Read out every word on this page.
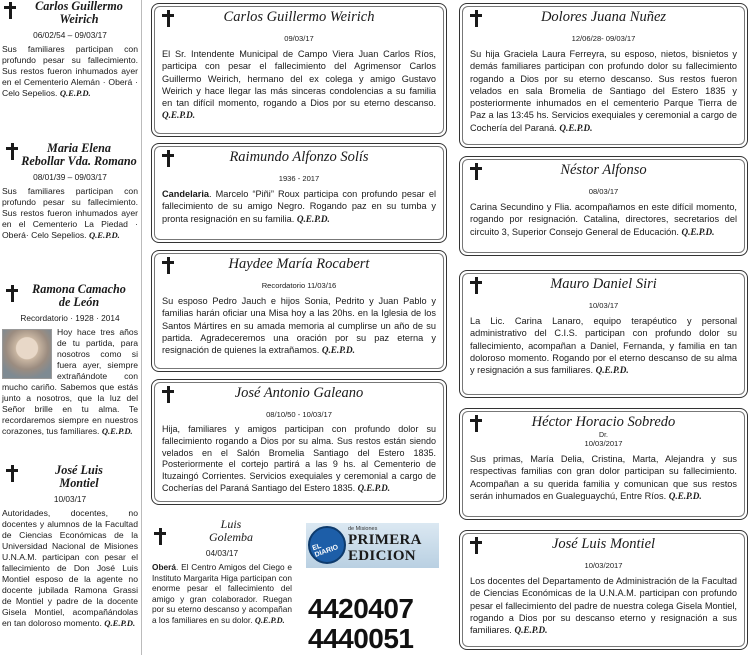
Carlos Guillermo
Weirich
06/02/54 – 09/03/17
Sus familiares participan con profundo pesar su fallecimiento. Sus restos fueron inhumados ayer en el Cementerio Alemán · Oberá · Celo Sepelios. Q.E.P.D.
Maria Elena
Rebollar Vda. Romano
08/01/39 – 09/03/17
Sus familiares participan con profundo pesar su fallecimiento. Sus restos fueron inhumados ayer en el Cementerio La Piedad · Oberá· Celo Sepelios. Q.E.P.D.
Ramona Camacho
de León
Recordatorio · 1928 · 2014
Hoy hace tres años de tu partida, para nosotros como si fuera ayer, siempre extrañándote con mucho cariño. Sabemos que estás junto a nosotros, que la luz del Señor brille en tu alma. Te recordaremos siempre en nuestros corazones, tus familiares. Q.E.P.D.
José Luis
Montiel
10/03/17
Autoridades, docentes, no docentes y alumnos de la Facultad de Ciencias Económicas de la Universidad Nacional de Misiones U.N.A.M. participan con pesar el fallecimiento de Don José Luis Montiel esposo de la agente no docente jubilada Ramona Grassi de Montiel y padre de la docente Gisela Montiel, acompañándolas en tan doloroso momento. Q.E.P.D.
Carlos Guillermo Weirich
09/03/17
El Sr. Intendente Municipal de Campo Viera Juan Carlos Ríos, participa con pesar el fallecimiento del Agrimensor Carlos Guillermo Weirich, hermano del ex colega y amigo Gustavo Weirich y hace llegar las más sinceras condolencias a su familia en tan difícil momento, rogando a Dios por su eterno descanso. Q.E.P.D.
Raimundo Alfonzo Solís
1936 - 2017
Candelaria. Marcelo “Piñi” Roux participa con profundo pesar el fallecimiento de su amigo Negro. Rogando paz en su tumba y pronta resignación en su familia. Q.E.P.D.
Haydee María Rocabert
Recordatorio 11/03/16
Su esposo Pedro Jauch e hijos Sonia, Pedrito y Juan Pablo y familias harán oficiar una Misa hoy a las 20hs. en la Iglesia de los Santos Mártires en su amada memoria al cumplirse un año de su partida. Agradeceremos una oración por su paz eterna y resignación de quienes la extrañamos. Q.E.P.D.
José Antonio Galeano
08/10/50 - 10/03/17
Hija, familiares y amigos participan con profundo dolor su fallecimiento rogando a Dios por su alma. Sus restos están siendo velados en el Salón Bromelia Santiago del Estero 1835. Posteriormente el cortejo partirá a las 9 hs. al Cementerio de Ituzaingó Corrientes. Servicios exequiales y ceremonial a cargo de Cocherías del Paraná Santiago del Estero 1835. Q.E.P.D.
Luis
Golemba
04/03/17
Oberá. El Centro Amigos del Ciego e Instituto Margarita Higa participan con enorme pesar el fallecimiento del amigo y gran colaborador. Ruegan por su eterno descanso y acompañan a los familiares en su dolor. Q.E.P.D.
EL DIARIO
de Misiones
PRIMERA
EDICION
4420407
4440051
Dolores Juana Nuñez
12/06/28- 09/03/17
Su hija Graciela Laura Ferreyra, su esposo, nietos, bisnietos y demás familiares participan con profundo dolor su fallecimiento rogando a Dios por su eterno descanso. Sus restos fueron velados en sala Bromelia de Santiago del Estero 1835 y posteriormente inhumados en el cementerio Parque Tierra de Paz a las 13:45 hs. Servicios exequiales y ceremonial a cargo de Cochería del Paraná. Q.E.P.D.
Néstor Alfonso
08/03/17
Carina Secundino y Flia. acompañamos en este difícil momento, rogando por resignación. Catalina, directores, secretarios del circuito 3, Superior Consejo General de Educación. Q.E.P.D.
Mauro Daniel Siri
10/03/17
La Lic. Carina Lanaro, equipo terapéutico y personal administrativo del C.I.S. participan con profundo dolor su fallecimiento, acompañan a Daniel, Fernanda, y familia en tan doloroso momento. Rogando por el eterno descanso de su alma y resignación a sus familiares. Q.E.P.D.
Héctor Horacio Sobredo
Dr.
10/03/2017
Sus primas, María Delia, Cristina, Marta, Alejandra y sus respectivas familias con gran dolor participan su fallecimiento. Acompañan a su querida familia y comunican que sus restos serán inhumados en Gualeguaychú, Entre Ríos. Q.E.P.D.
José Luis Montiel
10/03/2017
Los docentes del Departamento de Administración de la Facultad de Ciencias Económicas de la U.N.A.M. participan con profundo pesar el fallecimiento del padre de nuestra colega Gisela Montiel, rogando a Dios por su descanso eterno y resignación a sus familiares. Q.E.P.D.
